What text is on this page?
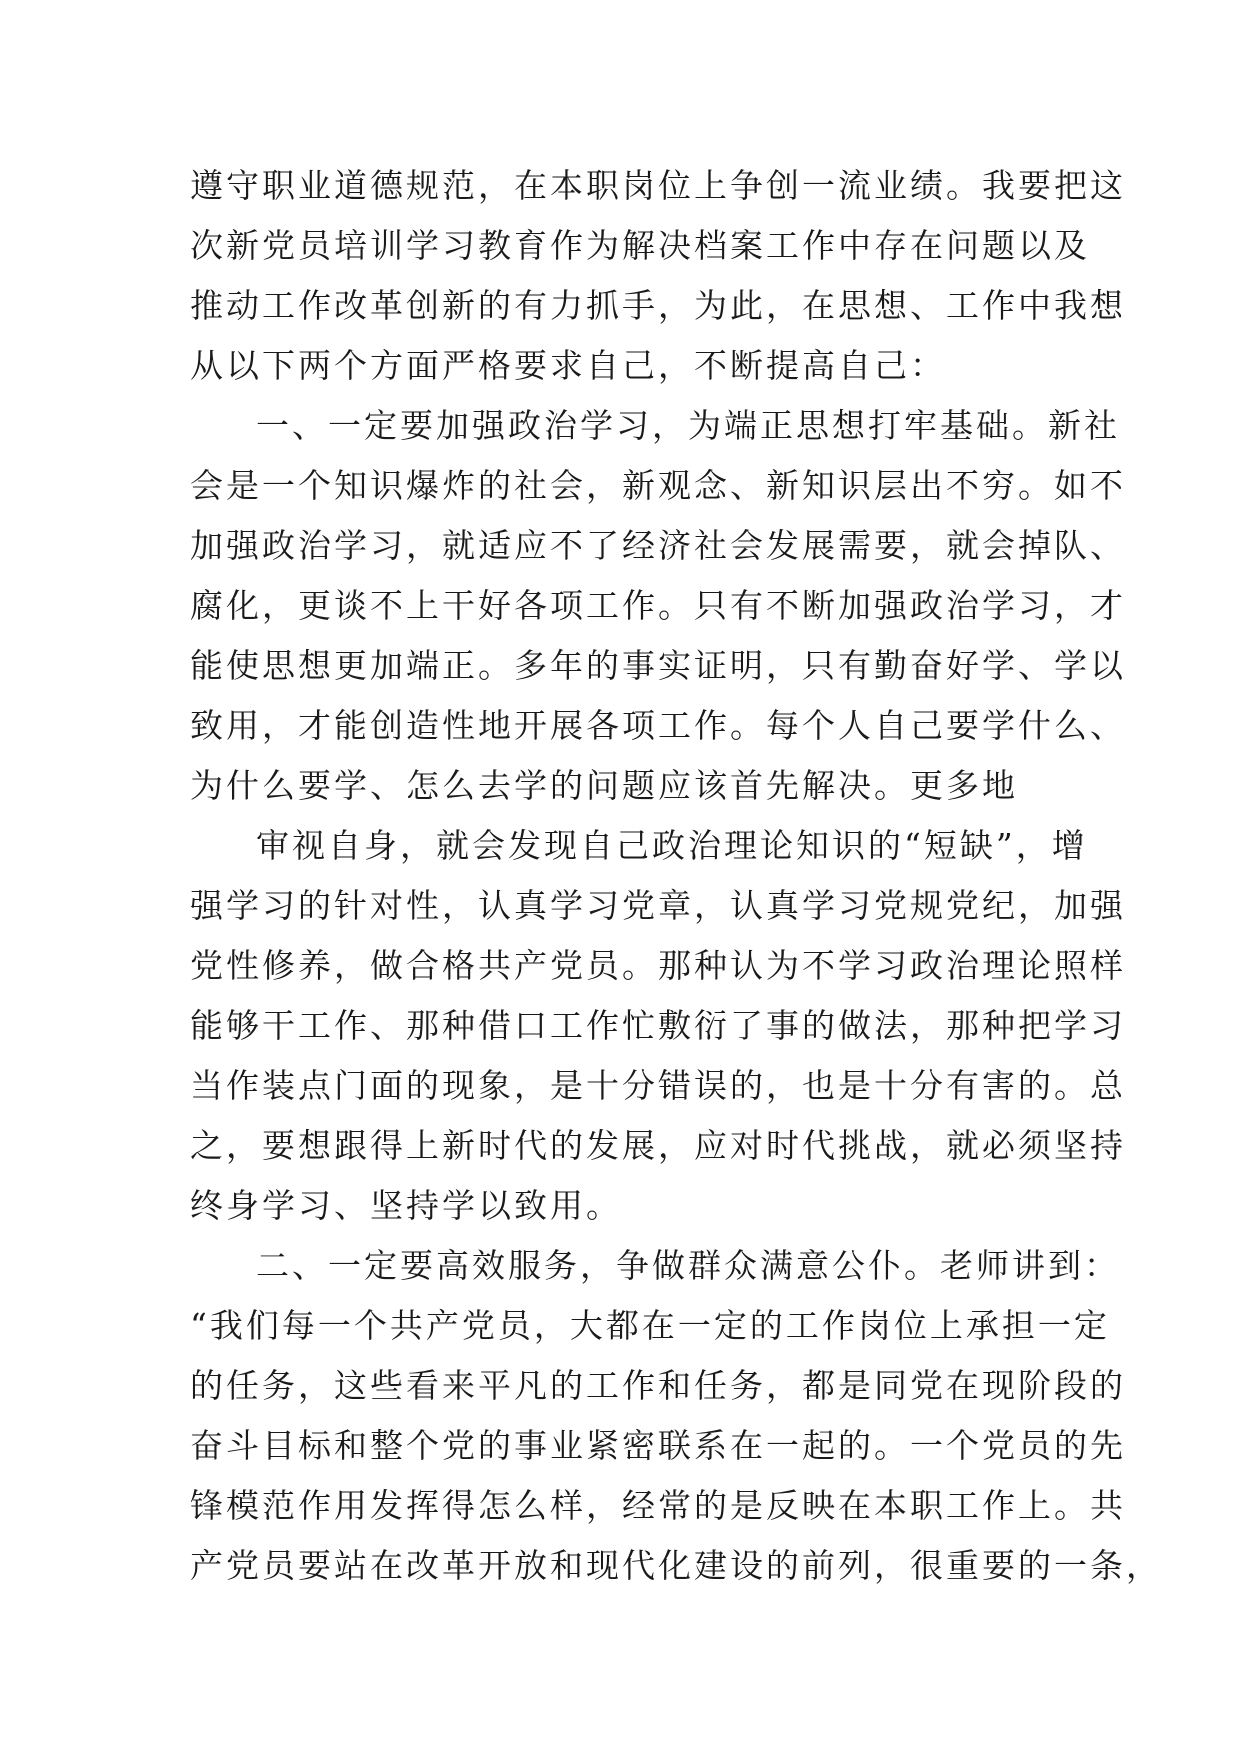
遵守职业道德规范，在本职岗位上争创一流业绩。我要把这
次新党员培训学习教育作为解决档案工作中存在问题以及
推动工作改革创新的有力抓手，为此，在思想、工作中我想
从以下两个方面严格要求自己，不断提高自己：
一、一定要加强政治学习，为端正思想打牢基础。新社
会是一个知识爆炸的社会，新观念、新知识层出不穷。如不
加强政治学习，就适应不了经济社会发展需要，就会掉队、
腐化，更谈不上干好各项工作。只有不断加强政治学习，才
能使思想更加端正。多年的事实证明，只有勤奋好学、学以
致用，才能创造性地开展各项工作。每个人自己要学什么、
为什么要学、怎么去学的问题应该首先解决。更多地
审视自身，就会发现自己政治理论知识的“短缺”，增
强学习的针对性，认真学习党章，认真学习党规党纪，加强
党性修养，做合格共产党员。那种认为不学习政治理论照样
能够干工作、那种借口工作忙敷衍了事的做法，那种把学习
当作装点门面的现象，是十分错误的，也是十分有害的。总
之，要想跟得上新时代的发展，应对时代挑战，就必须坚持
终身学习、坚持学以致用。
二、一定要高效服务，争做群众满意公仆。老师讲到：
“我们每一个共产党员，大都在一定的工作岗位上承担一定
的任务，这些看来平凡的工作和任务，都是同党在现阶段的
奋斗目标和整个党的事业紧密联系在一起的。一个党员的先
锋模范作用发挥得怎么样，经常的是反映在本职工作上。共
产党员要站在改革开放和现代化建设的前列，很重要的一条，
